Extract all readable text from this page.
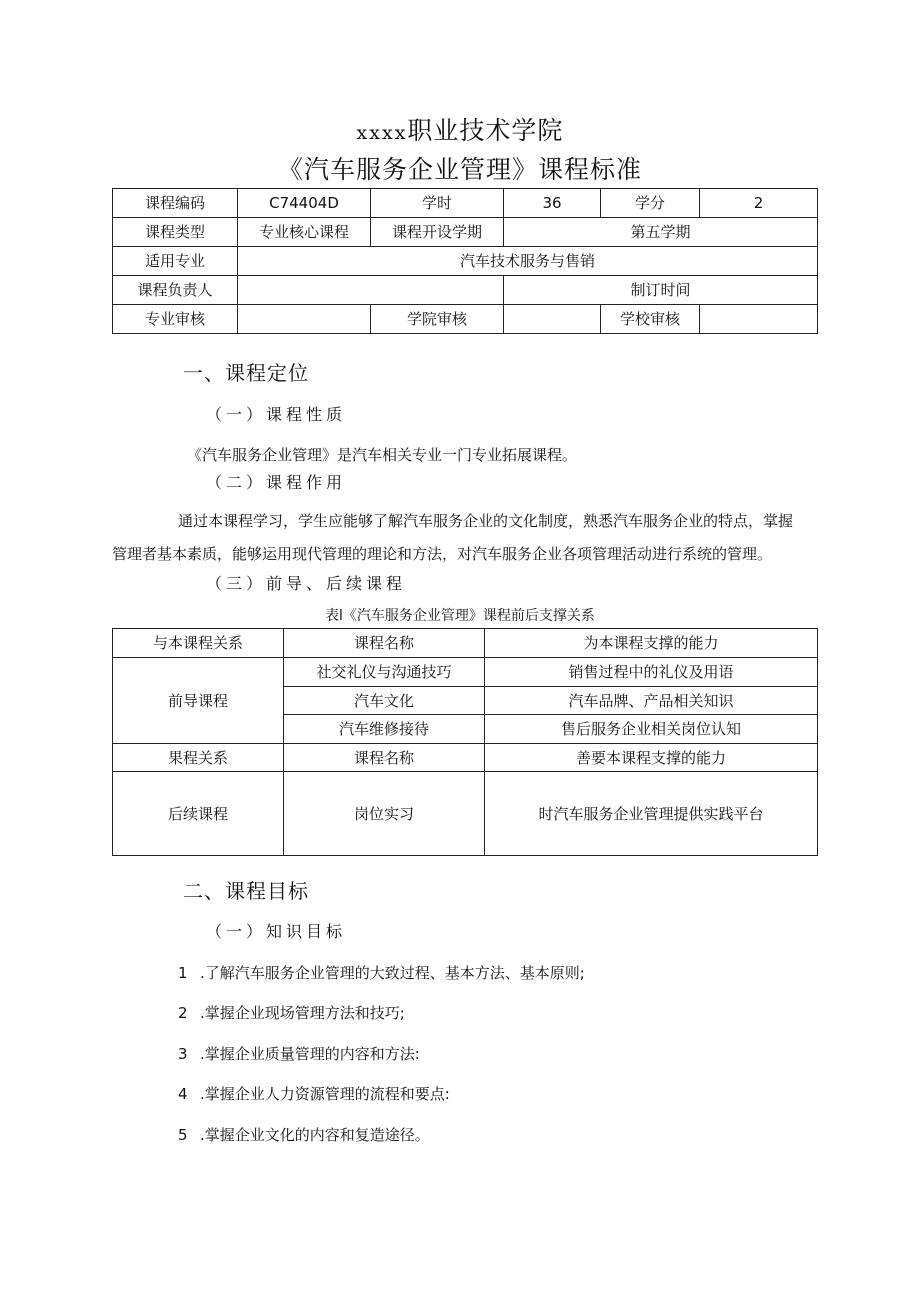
xxxx职业技术学院
《汽车服务企业管理》课程标准
课程编码	C74404D	学时	36	学分	2
课程类型	专业核心课程	课程开设学期	第五学期		
适用专业	汽车技术服务与售销				
课程负责人			制订时间		
专业审核		学院审核		学校审核	
一、课程定位
（一）课程性质
《汽车服务企业管理》是汽车相关专业一门专业拓展课程。
（二）课程作用
通过本课程学习，学生应能够了解汽车服务企业的文化制度，熟悉汽车服务企业的特点，掌握
管理者基本素质，能够运用现代管理的理论和方法，对汽车服务企业各项管理活动进行系统的管理。
（三）前导、后续课程
表l《汽车服务企业管理》课程前后支撑关系
与本课程关系	课程名称	为本课程支撑的能力
前导课程	社交礼仪与沟通技巧	销售过程中的礼仪及用语
	汽车文化	汽车品牌、产品相关知识
	汽车维修接待	售后服务企业相关岗位认知
果程关系	课程名称	善要本课程支撑的能力
后续课程	岗位实习	时汽车服务企业管理提供实践平台
二、课程目标
（一）知识目标
1 .了解汽车服务企业管理的大致过程、基本方法、基本原则;
2 .掌握企业现场管理方法和技巧;
3 .掌握企业质量管理的内容和方法:
4 .掌握企业人力资源管理的流程和要点:
5 .掌握企业文化的内容和复造途径。
